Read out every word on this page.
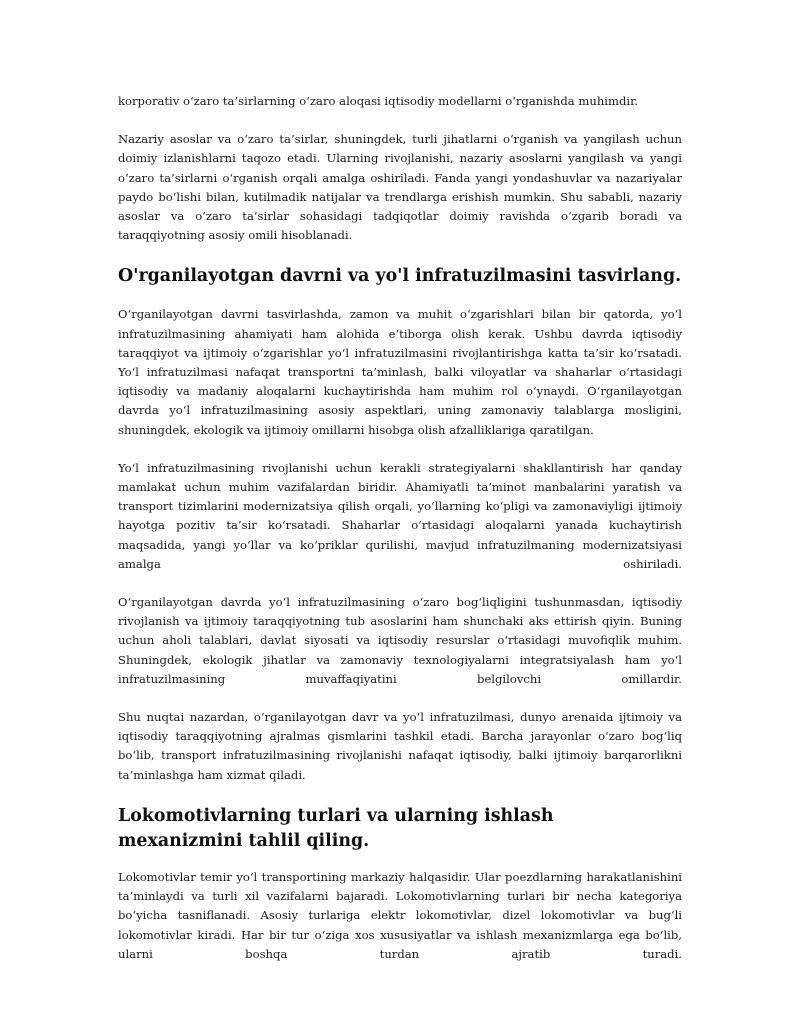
korporativ o‘zaro ta’sirlarning o‘zaro aloqasi iqtisodiy modellarni o‘rganishda muhimdir.

Nazariy asoslar va o‘zaro ta’sirlar, shuningdek, turli jihatlarni o‘rganish va yangilash uchun doimiy izlanishlarni taqozo etadi. Ularning rivojlanishi, nazariy asoslarni yangilash va yangi o‘zaro ta’sirlarni o‘rganish orqali amalga oshiriladi. Fanda yangi yondashuvlar va nazariyalar paydo bo‘lishi bilan, kutilmadik natijalar va trendlarga erishish mumkin. Shu sababli, nazariy asoslar va o‘zaro ta’sirlar sohasidagi tadqiqotlar doimiy ravishda o‘zgarib boradi va taraqqiyotning asosiy omili hisoblanadi.

O'rganilayotgan davrni va yo'l infratuzilmasini tasvirlang.

O‘rganilayotgan davrni tasvirlashda, zamon va muhit o‘zgarishlari bilan bir qatorda, yo‘l infratuzilmasining ahamiyati ham alohida e’tiborga olish kerak. Ushbu davrda iqtisodiy taraqqiyot va ijtimoiy o‘zgarishlar yo‘l infratuzilmasini rivojlantirishga katta ta’sir ko‘rsatadi. Yo‘l infratuzilmasi nafaqat transportni ta’minlash, balki viloyatlar va shaharlar o‘rtasidagi iqtisodiy va madaniy aloqalarni kuchaytirishda ham muhim rol o‘ynaydi. O‘rganilayotgan davrda yo‘l infratuzilmasining asosiy aspektlari, uning zamonaviy talablarga mosligini, shuningdek, ekologik va ijtimoiy omillarni hisobga olish afzalliklariga qaratilgan.

Yo‘l infratuzilmasining rivojlanishi uchun kerakli strategiyalarni shakllantirish har qanday mamlakat uchun muhim vazifalardan biridir. Ahamiyatli ta’minot manbalarini yaratish va transport tizimlarini modernizatsiya qilish orqali, yo‘llarning ko‘pligi va zamonaviyligi ijtimoiy hayotga pozitiv ta’sir ko‘rsatadi. Shaharlar o‘rtasidagi aloqalarni yanada kuchaytirish maqsadida, yangi yo‘llar va ko‘priklar qurilishi, mavjud infratuzilmaning modernizatsiyasi amalga oshiriladi.

O‘rganilayotgan davrda yo‘l infratuzilmasining o‘zaro bog‘liqligini tushunmasdan, iqtisodiy rivojlanish va ijtimoiy taraqqiyotning tub asoslarini ham shunchaki aks ettirish qiyin. Buning uchun aholi talablari, davlat siyosati va iqtisodiy resurslar o‘rtasidagi muvofiqlik muhim. Shuningdek, ekologik jihatlar va zamonaviy texnologiyalarni integratsiyalash ham yo‘l infratuzilmasining muvaffaqiyatini belgilovchi omillardir.

Shu nuqtai nazardan, o‘rganilayotgan davr va yo‘l infratuzilmasi, dunyo arenaida ijtimoiy va iqtisodiy taraqqiyotning ajralmas qismlarini tashkil etadi. Barcha jarayonlar o‘zaro bog‘liq bo‘lib, transport infratuzilmasining rivojlanishi nafaqat iqtisodiy, balki ijtimoiy barqarorlikni ta’minlashga ham xizmat qiladi.

Lokomotivlarning turlari va ularning ishlash mexanizmini tahlil qiling.

Lokomotivlar temir yo‘l transportining markaziy halqasidir. Ular poezdlarning harakatlanishini ta’minlaydi va turli xil vazifalarni bajaradi. Lokomotivlarning turlari bir necha kategoriya bo‘yicha tasniflanadi. Asosiy turlariga elektr lokomotivlar, dizel lokomotivlar va bug‘li lokomotivlar kiradi. Har bir tur o‘ziga xos xususiyatlar va ishlash mexanizmlarga ega bo‘lib, ularni boshqa turdan ajratib turadi.
